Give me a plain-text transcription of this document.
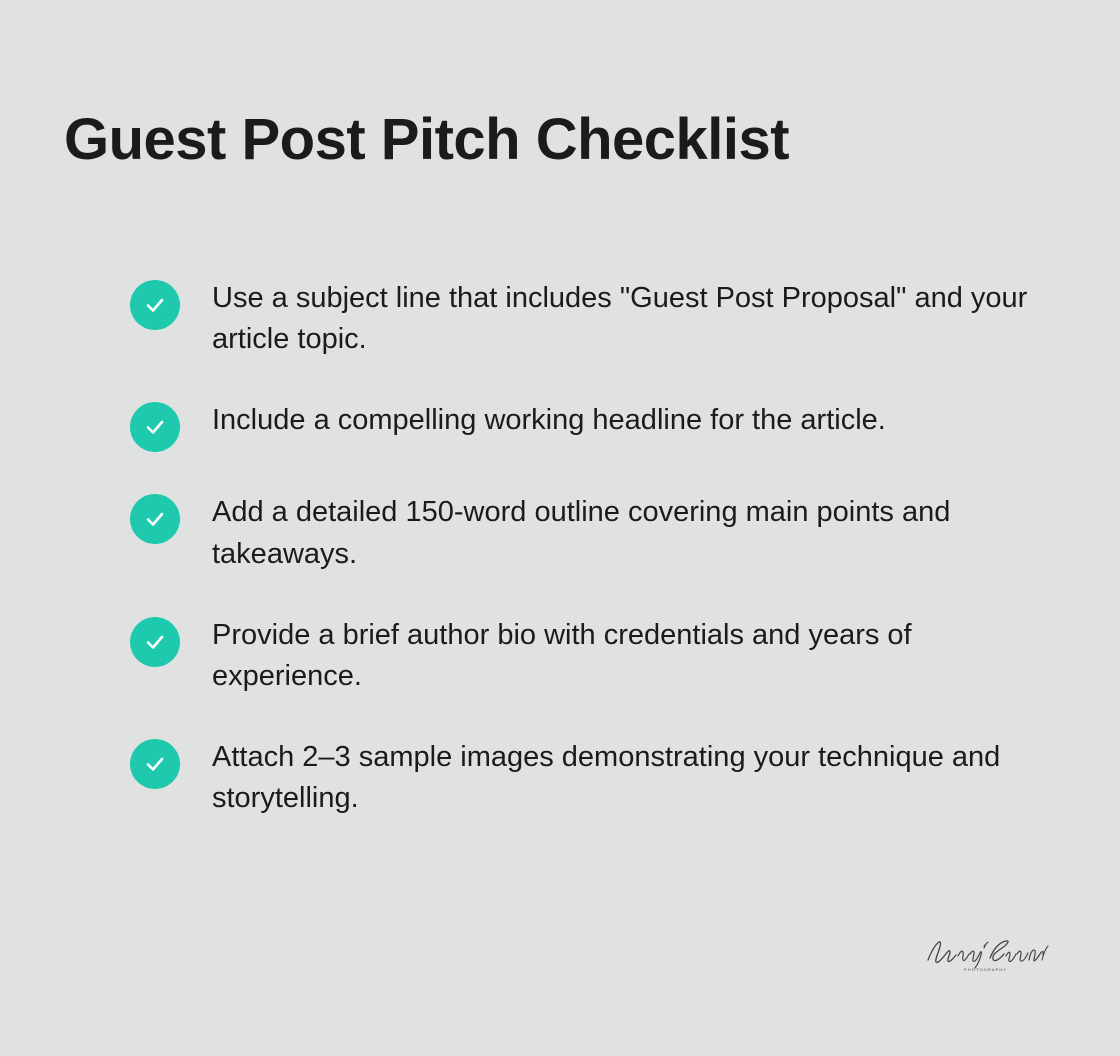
Guest Post Pitch Checklist
Use a subject line that includes "Guest Post Proposal" and your article topic.
Include a compelling working headline for the article.
Add a detailed 150-word outline covering main points and takeaways.
Provide a brief author bio with credentials and years of experience.
Attach 2–3 sample images demonstrating your technique and storytelling.
PHOTOGRAPHY
